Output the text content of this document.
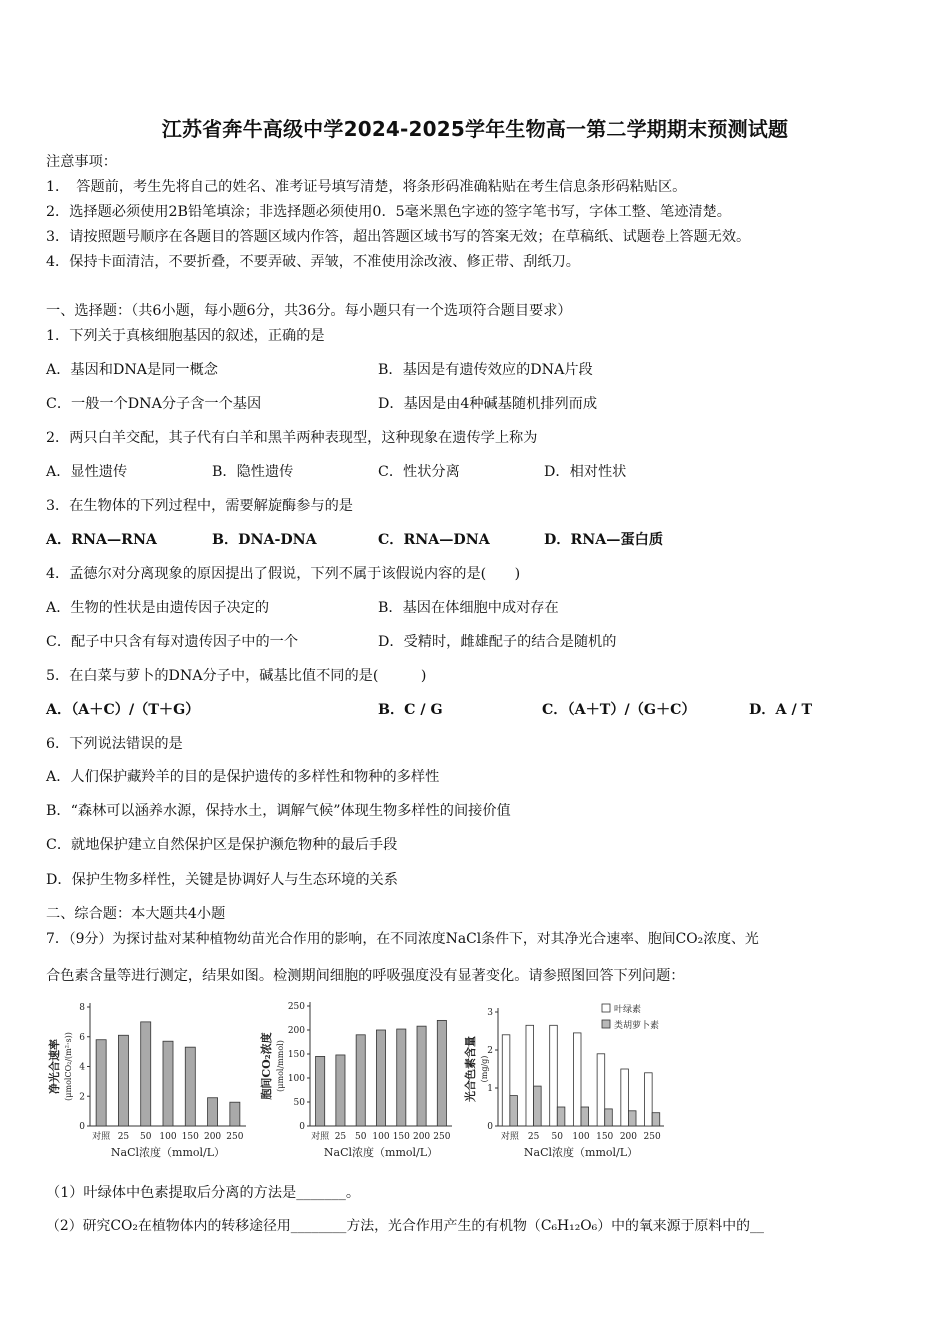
江苏省奔牛高级中学2024-2025学年生物高一第二学期期末预测试题
注意事项：
1．　答题前，考生先将自己的姓名、准考证号填写清楚，将条形码准确粘贴在考生信息条形码粘贴区。
2．选择题必须使用2B铅笔填涂；非选择题必须使用0．5毫米黑色字迹的签字笔书写，字体工整、笔迹清楚。
3．请按照题号顺序在各题目的答题区域内作答，超出答题区域书写的答案无效；在草稿纸、试题卷上答题无效。
4．保持卡面清洁，不要折叠，不要弄破、弄皱，不准使用涂改液、修正带、刮纸刀。
一、选择题：（共6小题，每小题6分，共36分。每小题只有一个选项符合题目要求）
1．下列关于真核细胞基因的叙述，正确的是
A．基因和DNA是同一概念	B．基因是有遗传效应的DNA片段
C．一般一个DNA分子含一个基因	D．基因是由4种碱基随机排列而成
2．两只白羊交配，其子代有白羊和黑羊两种表现型，这种现象在遗传学上称为
A．显性遗传	B．隐性遗传	C．性状分离	D．相对性状
3．在生物体的下列过程中，需要解旋酶参与的是
A．RNA—RNA	B．DNA-DNA	C．RNA—DNA	D．RNA—蛋白质
4．孟德尔对分离现象的原因提出了假说，下列不属于该假说内容的是(　　)
A．生物的性状是由遗传因子决定的	B．基因在体细胞中成对存在
C．配子中只含有每对遗传因子中的一个	D．受精时，雌雄配子的结合是随机的
5．在白菜与萝卜的DNA分子中，碱基比值不同的是(　　　)
A．（A＋C）/（T＋G）	B．C / G	C．（A＋T）/（G＋C）	D．A / T
6．下列说法错误的是
A．人们保护藏羚羊的目的是保护遗传的多样性和物种的多样性
B．“森林可以涵养水源，保持水土，调解气候”体现生物多样性的间接价值
C．就地保护建立自然保护区是保护濒危物种的最后手段
D．保护生物多样性，关键是协调好人与生态环境的关系
二、综合题：本大题共4小题
7．（9分）为探讨盐对某种植物幼苗光合作用的影响，在不同浓度NaCl条件下，对其净光合速率、胞间CO₂浓度、光
合色素含量等进行测定，结果如图。检测期间细胞的呼吸强度没有显著变化。请参照图回答下列问题：
0
2
4
6
8
净光合速率 (μmolCO₂/(m²·s))
对照 25 50 100 150 200 250
NaCl浓度（mmol/L）
0
50
100
150
200
250
胞间CO₂浓度 (μmol/mmol)
对照 25 50 100 150 200 250
NaCl浓度（mmol/L）
0
1
2
3
光合色素含量 (mg/g)
对照 25 50 100 150 200 250
叶绿素
类胡萝卜素
NaCl浓度（mmol/L）
（1）叶绿体中色素提取后分离的方法是_______。
（2）研究CO₂在植物体内的转移途径用________方法，光合作用产生的有机物（C₆H₁₂O₆）中的氧来源于原料中的__
